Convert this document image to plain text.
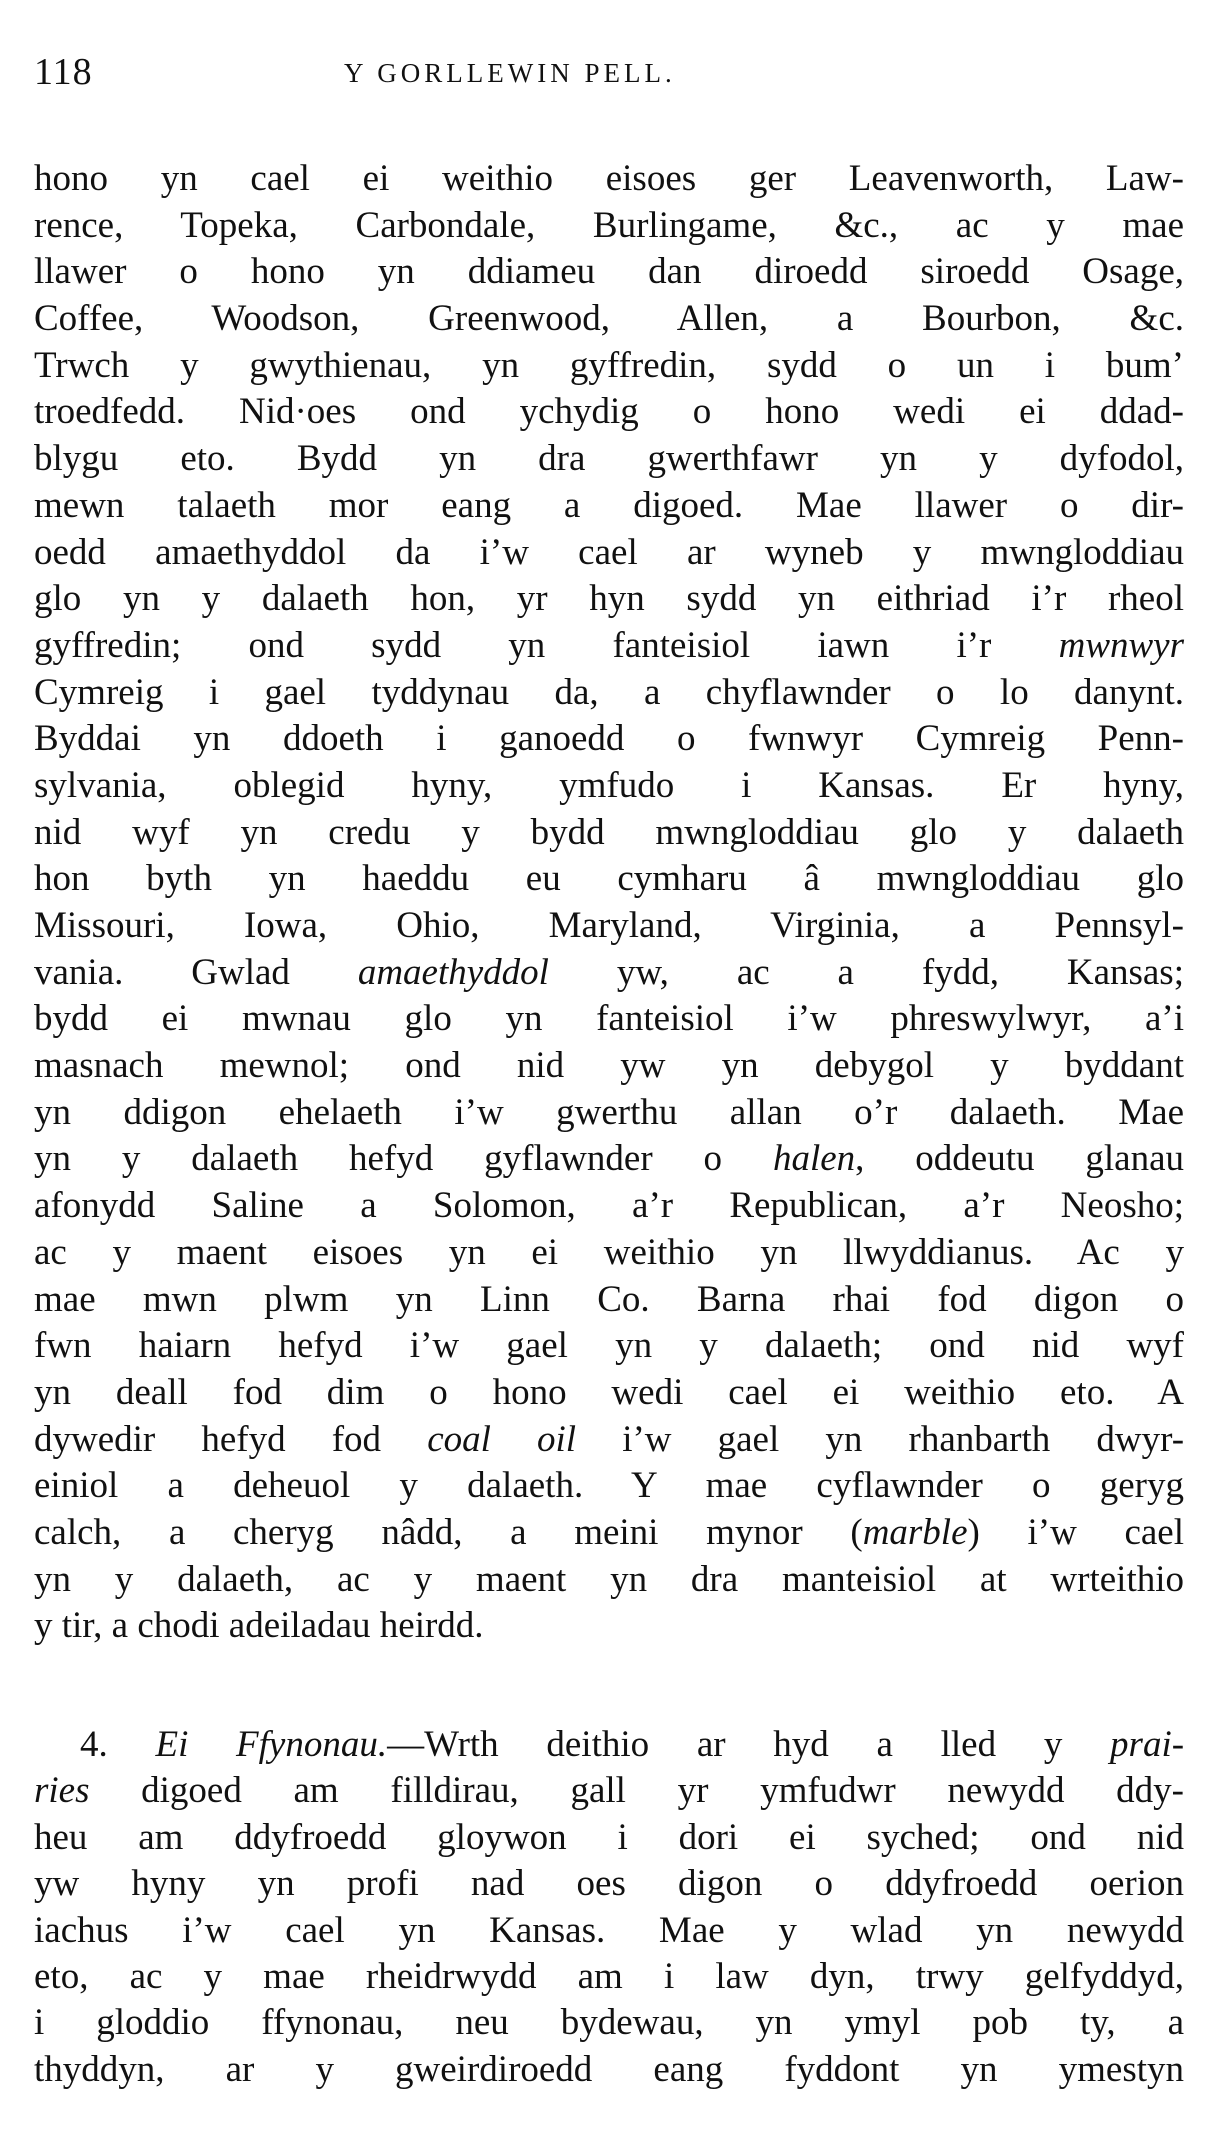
118	Y GORLLEWIN PELL.
hono yn cael ei weithio eisoes ger Leavenworth, Law-
rence, Topeka, Carbondale, Burlingame, &c., ac y mae
llawer o hono yn ddiameu dan diroedd siroedd Osage,
Coffee, Woodson, Greenwood, Allen, a Bourbon, &c.
Trwch y gwythienau, yn gyffredin, sydd o un i bum’
troedfedd. Nid·oes ond ychydig o hono wedi ei ddad-
blygu eto. Bydd yn dra gwerthfawr yn y dyfodol,
mewn talaeth mor eang a digoed. Mae llawer o dir-
oedd amaethyddol da i’w cael ar wyneb y mwngloddiau
glo yn y dalaeth hon, yr hyn sydd yn eithriad i’r rheol
gyffredin; ond sydd yn fanteisiol iawn i’r mwnwyr
Cymreig i gael tyddynau da, a chyflawnder o lo danynt.
Byddai yn ddoeth i ganoedd o fwnwyr Cymreig Penn-
sylvania, oblegid hyny, ymfudo i Kansas. Er hyny,
nid wyf yn credu y bydd mwngloddiau glo y dalaeth
hon byth yn haeddu eu cymharu â mwngloddiau glo
Missouri, Iowa, Ohio, Maryland, Virginia, a Pennsyl-
vania. Gwlad amaethyddol yw, ac a fydd, Kansas;
bydd ei mwnau glo yn fanteisiol i’w phreswylwyr, a’i
masnach mewnol; ond nid yw yn debygol y byddant
yn ddigon ehelaeth i’w gwerthu allan o’r dalaeth. Mae
yn y dalaeth hefyd gyflawnder o halen, oddeutu glanau
afonydd Saline a Solomon, a’r Republican, a’r Neosho;
ac y maent eisoes yn ei weithio yn llwyddianus. Ac y
mae mwn plwm yn Linn Co. Barna rhai fod digon o
fwn haiarn hefyd i’w gael yn y dalaeth; ond nid wyf
yn deall fod dim o hono wedi cael ei weithio eto. A
dywedir hefyd fod coal oil i’w gael yn rhanbarth dwyr-
einiol a deheuol y dalaeth. Y mae cyflawnder o geryg
calch, a cheryg nâdd, a meini mynor (marble) i’w cael
yn y dalaeth, ac y maent yn dra manteisiol at wrteithio
y tir, a chodi adeiladau heirdd.
4. Ei Ffynonau.—Wrth deithio ar hyd a lled y prai-
ries digoed am filldirau, gall yr ymfudwr newydd ddy-
heu am ddyfroedd gloywon i dori ei syched; ond nid
yw hyny yn profi nad oes digon o ddyfroedd oerion
iachus i’w cael yn Kansas. Mae y wlad yn newydd
eto, ac y mae rheidrwydd am i law dyn, trwy gelfyddyd,
i gloddio ffynonau, neu bydewau, yn ymyl pob ty, a
thyddyn, ar y gweirdiroedd eang fyddont yn ymestyn
